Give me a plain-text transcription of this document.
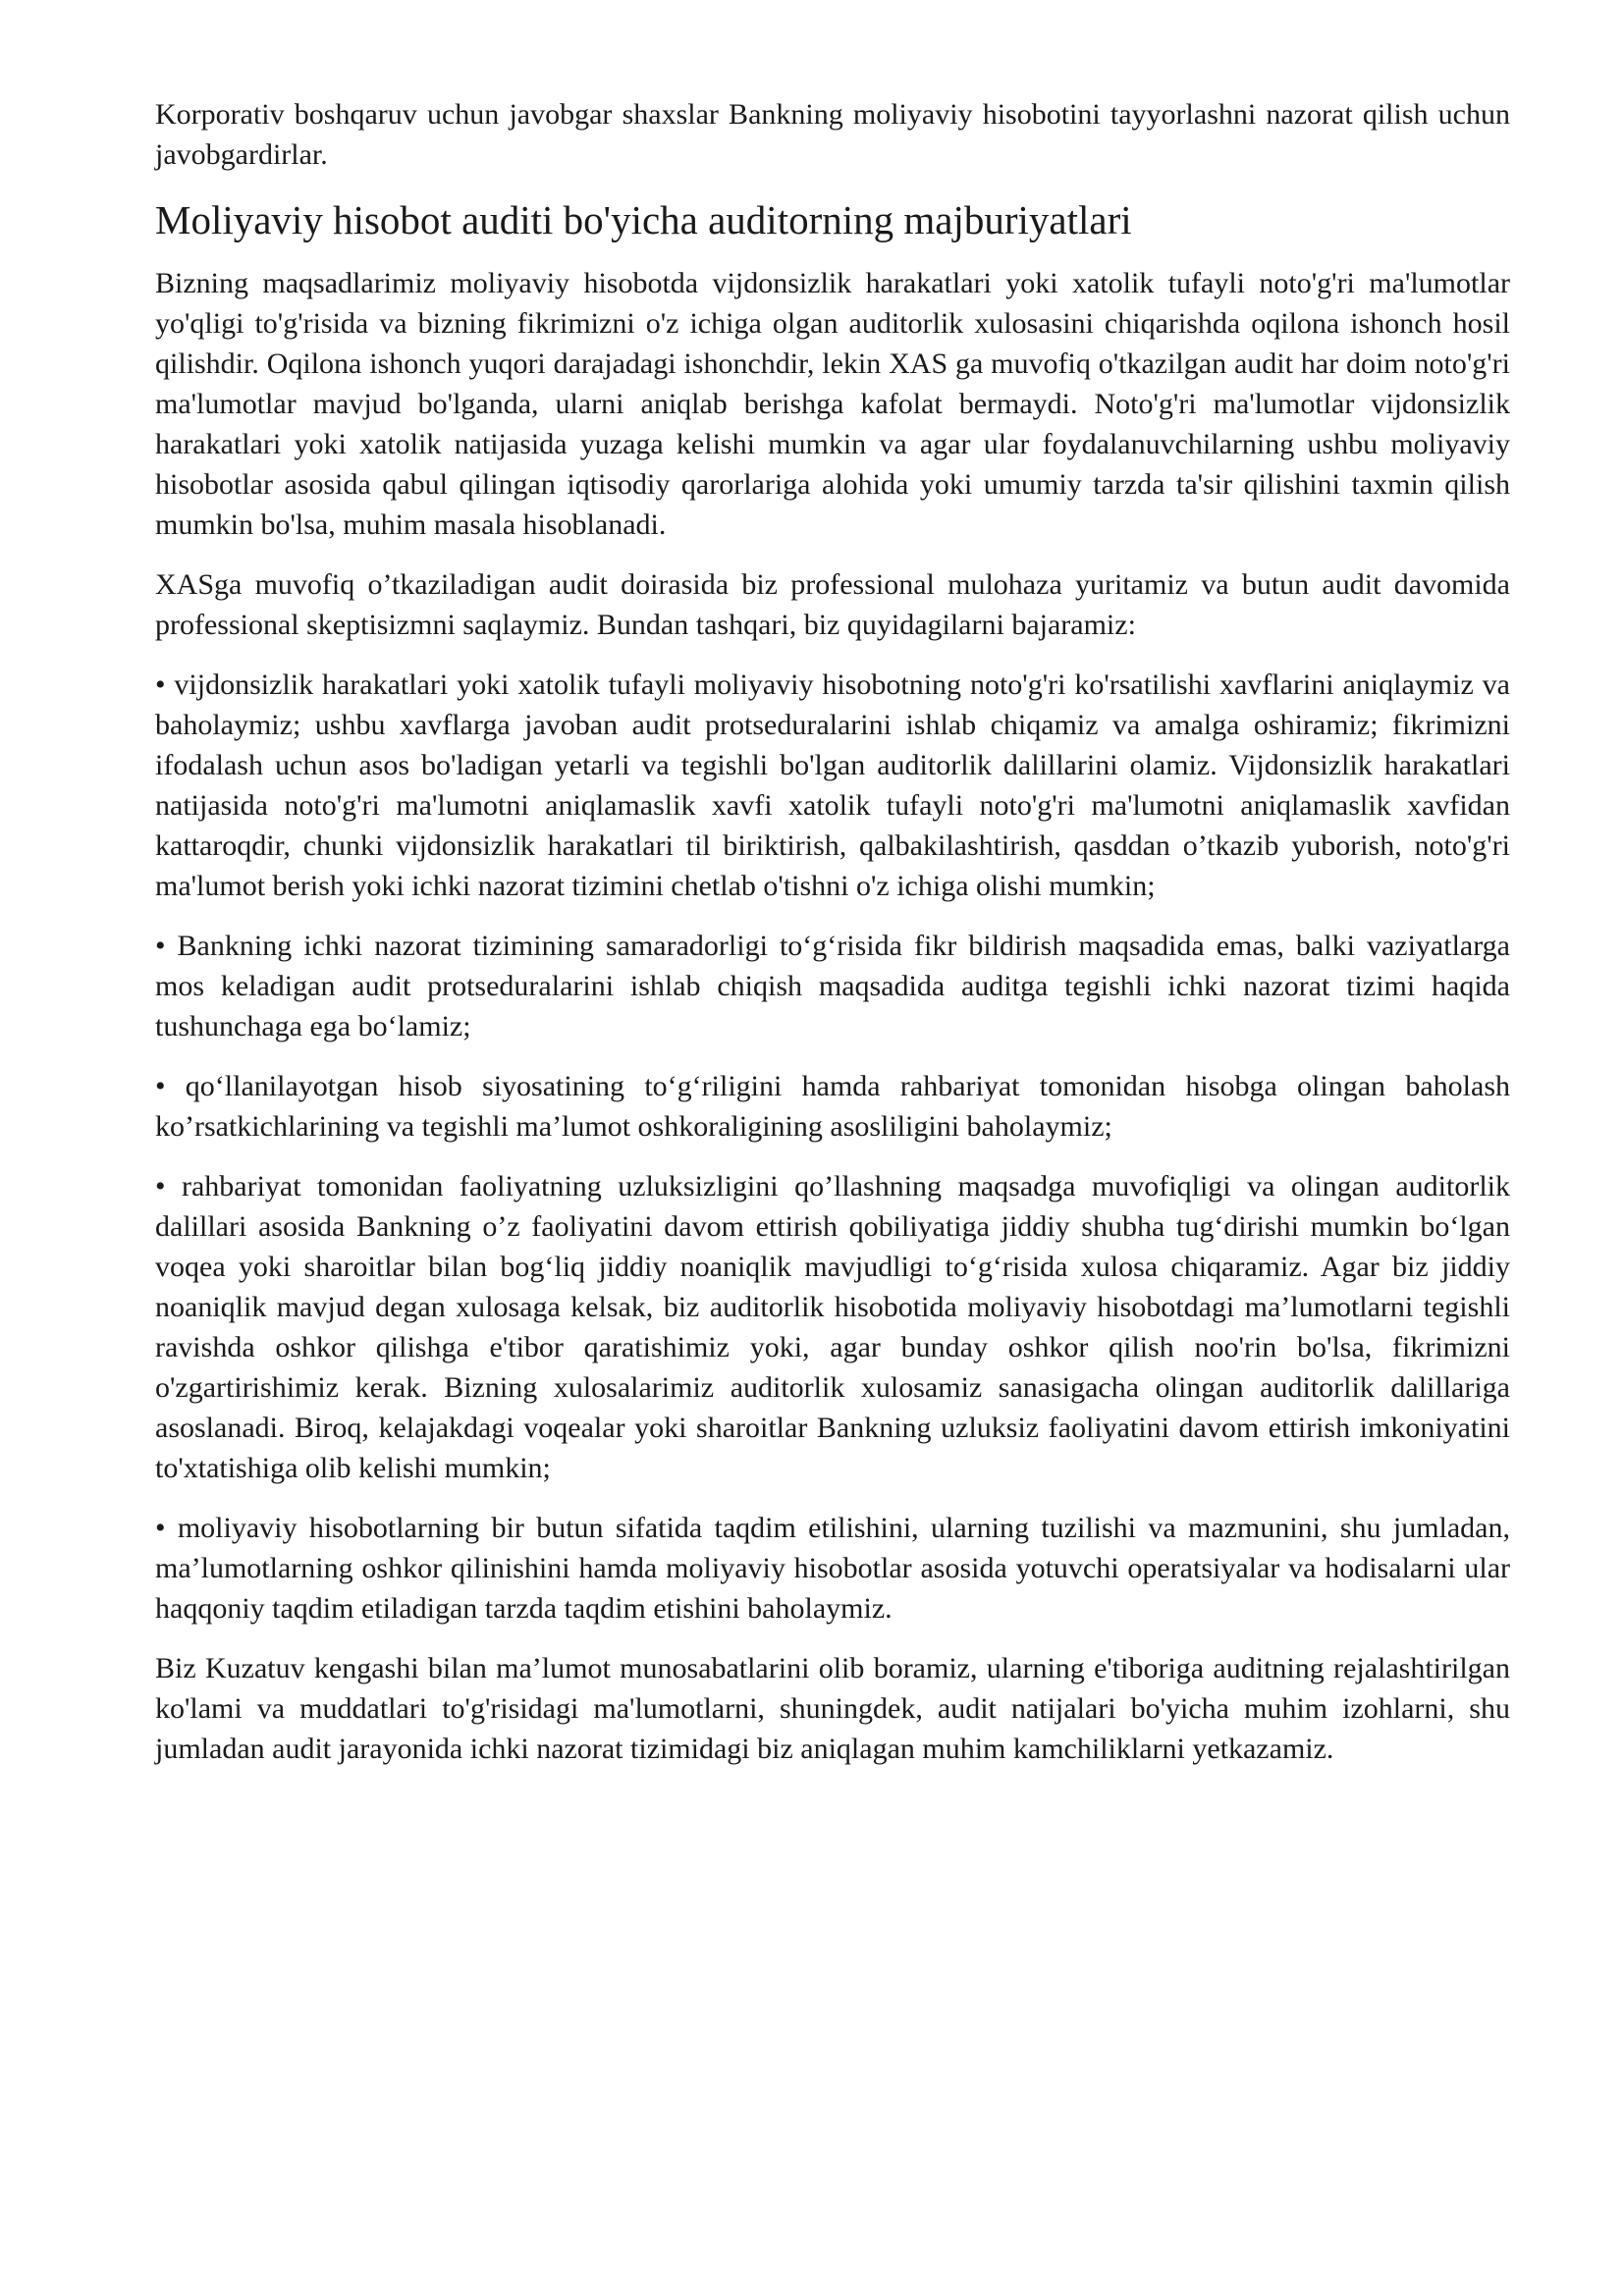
Korporativ boshqaruv uchun javobgar shaxslar Bankning moliyaviy hisobotini tayyorlashni nazorat qilish uchun javobgardirlar.

Moliyaviy hisobot auditi bo'yicha auditorning majburiyatlari

Bizning maqsadlarimiz moliyaviy hisobotda vijdonsizlik harakatlari yoki xatolik tufayli noto'g'ri ma'lumotlar yo'qligi to'g'risida va bizning fikrimizni o'z ichiga olgan auditorlik xulosasini chiqarishda oqilona ishonch hosil qilishdir. Oqilona ishonch yuqori darajadagi ishonchdir, lekin XAS ga muvofiq o'tkazilgan audit har doim noto'g'ri ma'lumotlar mavjud bo'lganda, ularni aniqlab berishga kafolat bermaydi. Noto'g'ri ma'lumotlar vijdonsizlik harakatlari yoki xatolik natijasida yuzaga kelishi mumkin va agar ular foydalanuvchilarning ushbu moliyaviy hisobotlar asosida qabul qilingan iqtisodiy qarorlariga alohida yoki umumiy tarzda ta'sir qilishini taxmin qilish mumkin bo'lsa, muhim masala hisoblanadi.

XASga muvofiq o’tkaziladigan audit doirasida biz professional mulohaza yuritamiz va butun audit davomida professional skeptisizmni saqlaymiz. Bundan tashqari, biz quyidagilarni bajaramiz:

• vijdonsizlik harakatlari yoki xatolik tufayli moliyaviy hisobotning noto'g'ri ko'rsatilishi xavflarini aniqlaymiz va baholaymiz; ushbu xavflarga javoban audit protseduralarini ishlab chiqamiz va amalga oshiramiz; fikrimizni ifodalash uchun asos bo'ladigan yetarli va tegishli bo'lgan auditorlik dalillarini olamiz. Vijdonsizlik harakatlari natijasida noto'g'ri ma'lumotni aniqlamaslik xavfi xatolik tufayli noto'g'ri ma'lumotni aniqlamaslik xavfidan kattaroqdir, chunki vijdonsizlik harakatlari til biriktirish, qalbakilashtirish, qasddan o’tkazib yuborish, noto'g'ri ma'lumot berish yoki ichki nazorat tizimini chetlab o'tishni o'z ichiga olishi mumkin;

• Bankning ichki nazorat tizimining samaradorligi to‘g‘risida fikr bildirish maqsadida emas, balki vaziyatlarga mos keladigan audit protseduralarini ishlab chiqish maqsadida auditga tegishli ichki nazorat tizimi haqida tushunchaga ega bo‘lamiz;

• qo‘llanilayotgan hisob siyosatining to‘g‘riligini hamda rahbariyat tomonidan hisobga olingan baholash ko’rsatkichlarining va tegishli ma’lumot oshkoraligining asosliligini baholaymiz;

• rahbariyat tomonidan faoliyatning uzluksizligini qo’llashning maqsadga muvofiqligi va olingan auditorlik dalillari asosida Bankning o’z faoliyatini davom ettirish qobiliyatiga jiddiy shubha tug‘dirishi mumkin bo‘lgan voqea yoki sharoitlar bilan bog‘liq jiddiy noaniqlik mavjudligi to‘g‘risida xulosa chiqaramiz. Agar biz jiddiy noaniqlik mavjud degan xulosaga kelsak, biz auditorlik hisobotida moliyaviy hisobotdagi ma’lumotlarni tegishli ravishda oshkor qilishga e'tibor qaratishimiz yoki, agar bunday oshkor qilish noo'rin bo'lsa, fikrimizni o'zgartirishimiz kerak. Bizning xulosalarimiz auditorlik xulosamiz sanasigacha olingan auditorlik dalillariga asoslanadi. Biroq, kelajakdagi voqealar yoki sharoitlar Bankning uzluksiz faoliyatini davom ettirish imkoniyatini to'xtatishiga olib kelishi mumkin;

• moliyaviy hisobotlarning bir butun sifatida taqdim etilishini, ularning tuzilishi va mazmunini, shu jumladan, ma’lumotlarning oshkor qilinishini hamda moliyaviy hisobotlar asosida yotuvchi operatsiyalar va hodisalarni ular haqqoniy taqdim etiladigan tarzda taqdim etishini baholaymiz.

Biz Kuzatuv kengashi bilan ma’lumot munosabatlarini olib boramiz, ularning e'tiboriga auditning rejalashtirilgan ko'lami va muddatlari to'g'risidagi ma'lumotlarni, shuningdek, audit natijalari bo'yicha muhim izohlarni, shu jumladan audit jarayonida ichki nazorat tizimidagi biz aniqlagan muhim kamchiliklarni yetkazamiz.
